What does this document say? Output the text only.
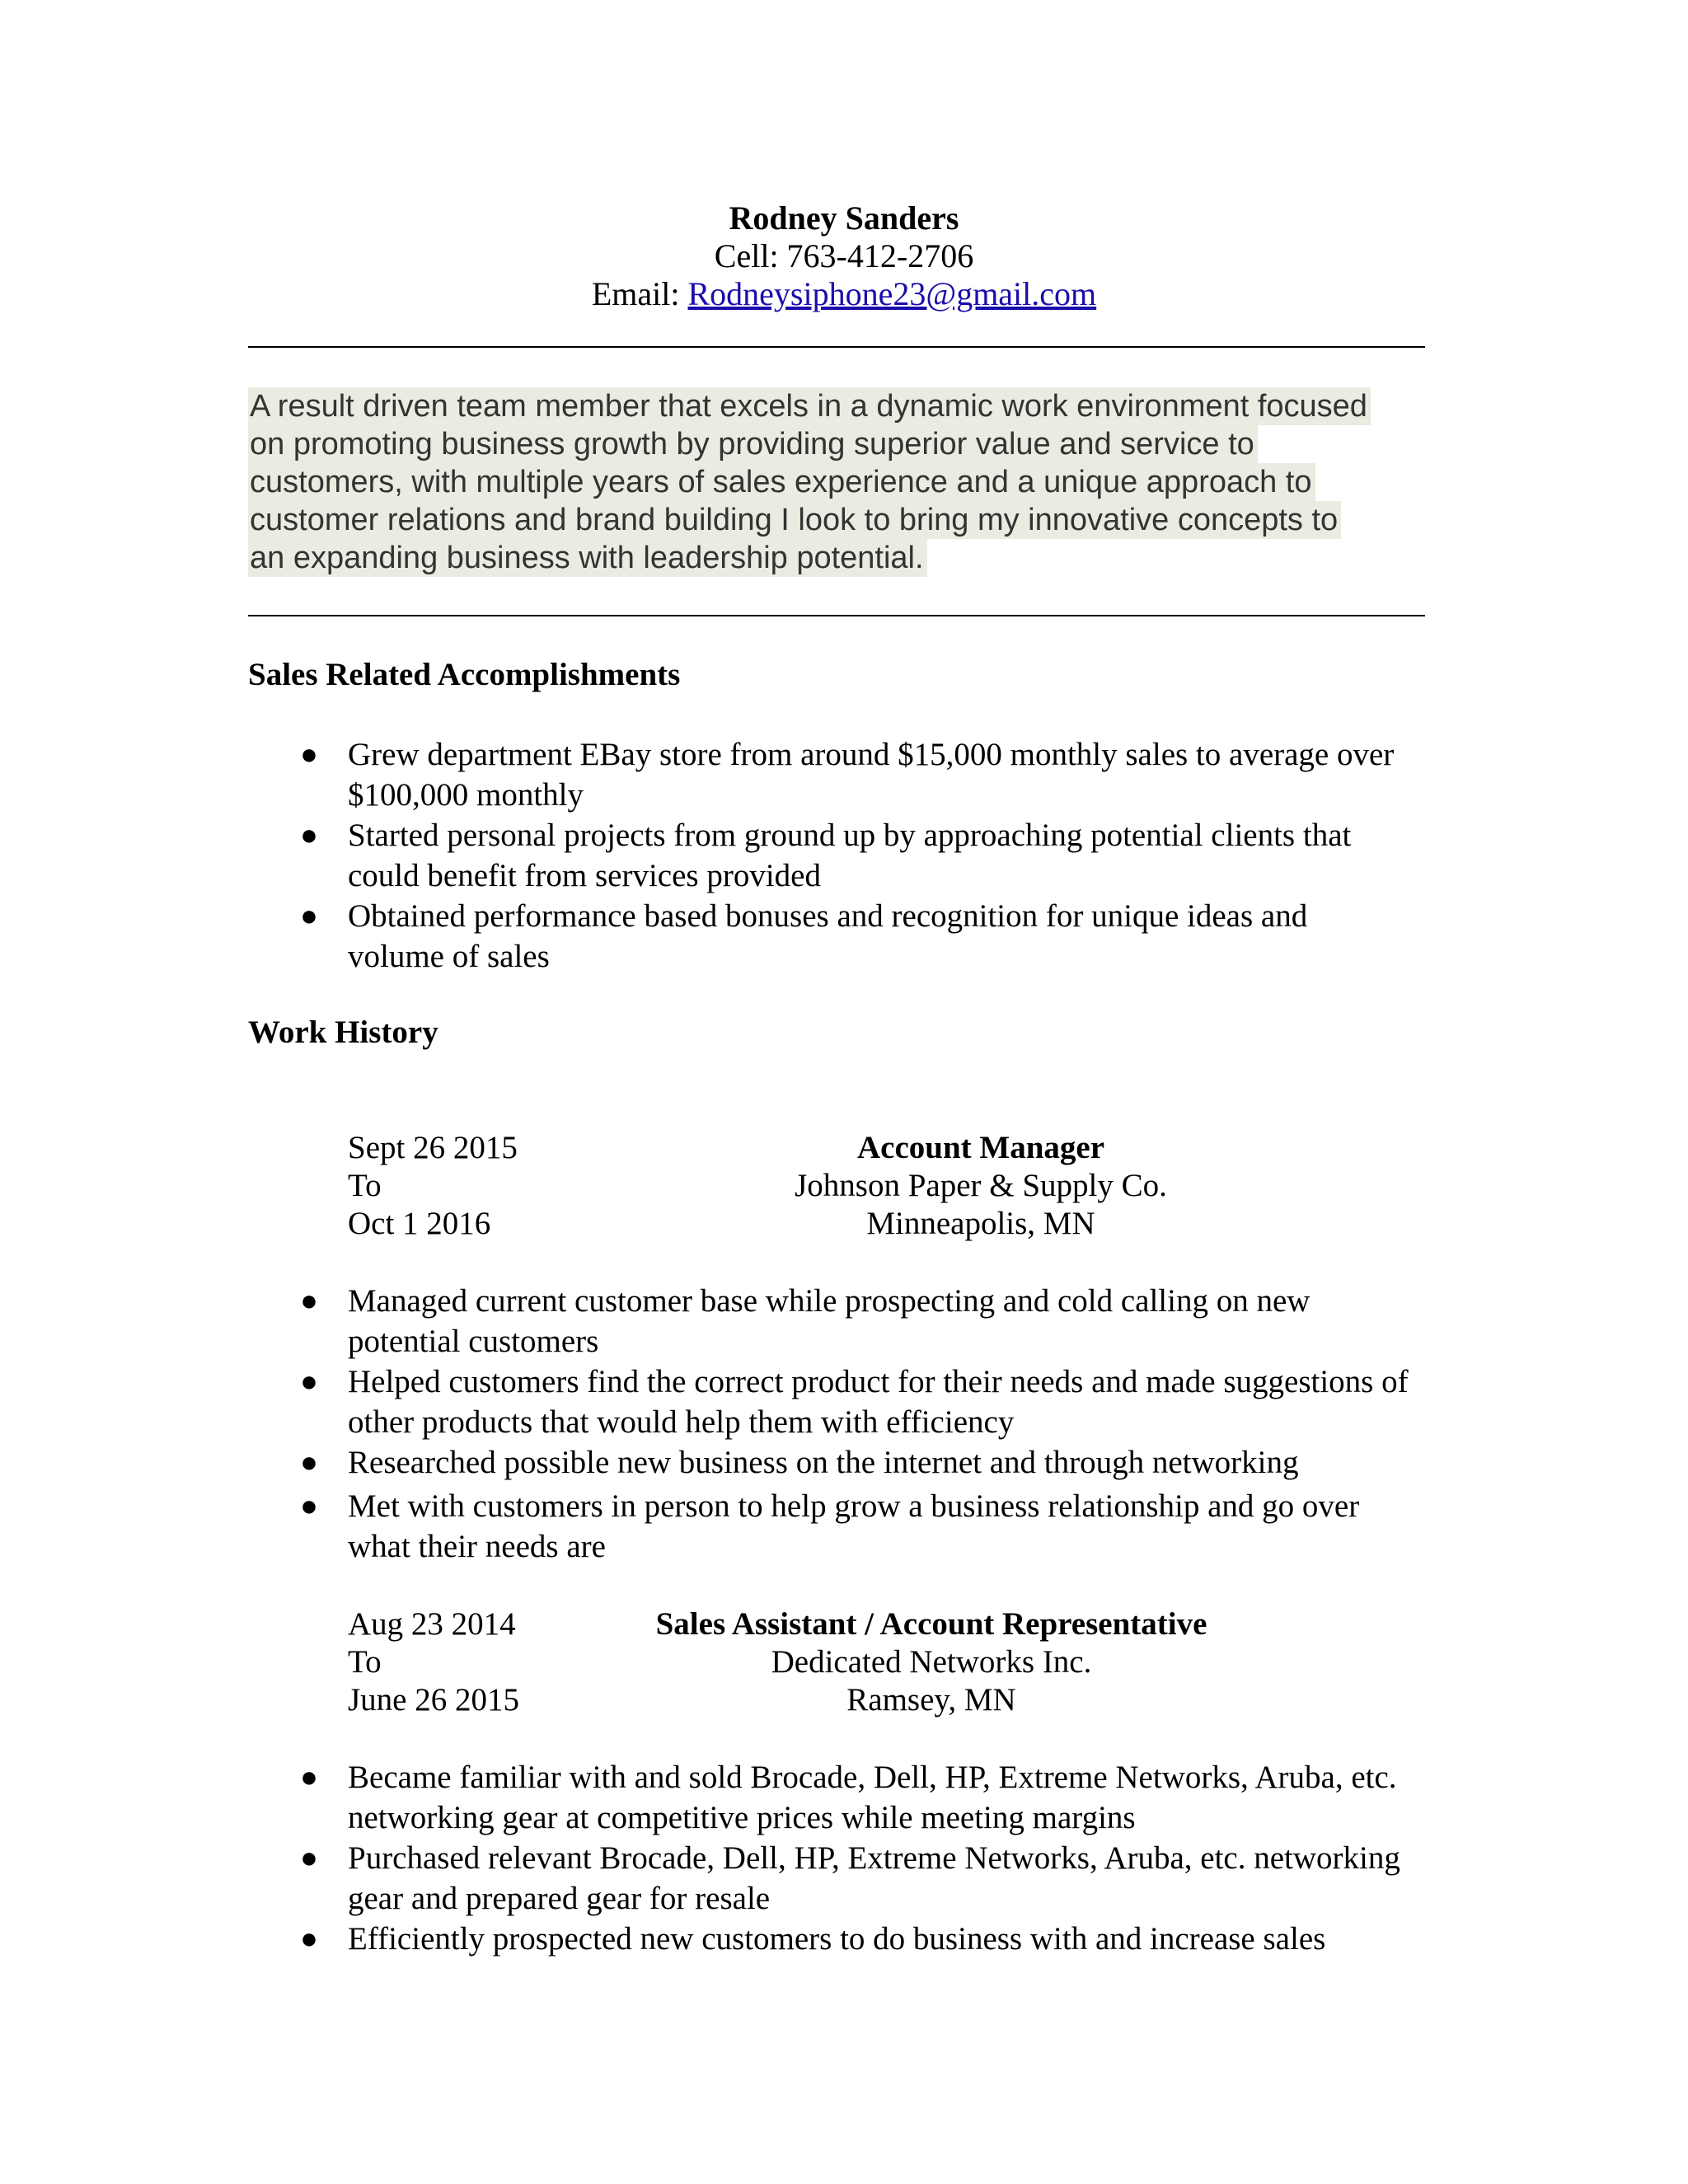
Rodney Sanders
Cell: 763-412-2706
Email: Rodneysiphone23@gmail.com
A result driven team member that excels in a dynamic work environment focused
on promoting business growth by providing superior value and service to
customers, with multiple years of sales experience and a unique approach to
customer relations and brand building I look to bring my innovative concepts to
an expanding business with leadership potential.
Sales Related Accomplishments
● Grew department EBay store from around $15,000 monthly sales to average over
$100,000 monthly
● Started personal projects from ground up by approaching potential clients that
could benefit from services provided
● Obtained performance based bonuses and recognition for unique ideas and
volume of sales
Work History
Sept 26 2015
To
Oct 1 2016
Account Manager
Johnson Paper & Supply Co.
Minneapolis, MN
● Managed current customer base while prospecting and cold calling on new
potential customers
● Helped customers find the correct product for their needs and made suggestions of
other products that would help them with efficiency
● Researched possible new business on the internet and through networking
● Met with customers in person to help grow a business relationship and go over
what their needs are
Aug 23 2014
To
June 26 2015
Sales Assistant / Account Representative
Dedicated Networks Inc.
Ramsey, MN
● Became familiar with and sold Brocade, Dell, HP, Extreme Networks, Aruba, etc.
networking gear at competitive prices while meeting margins
● Purchased relevant Brocade, Dell, HP, Extreme Networks, Aruba, etc. networking
gear and prepared gear for resale
● Efficiently prospected new customers to do business with and increase sales
